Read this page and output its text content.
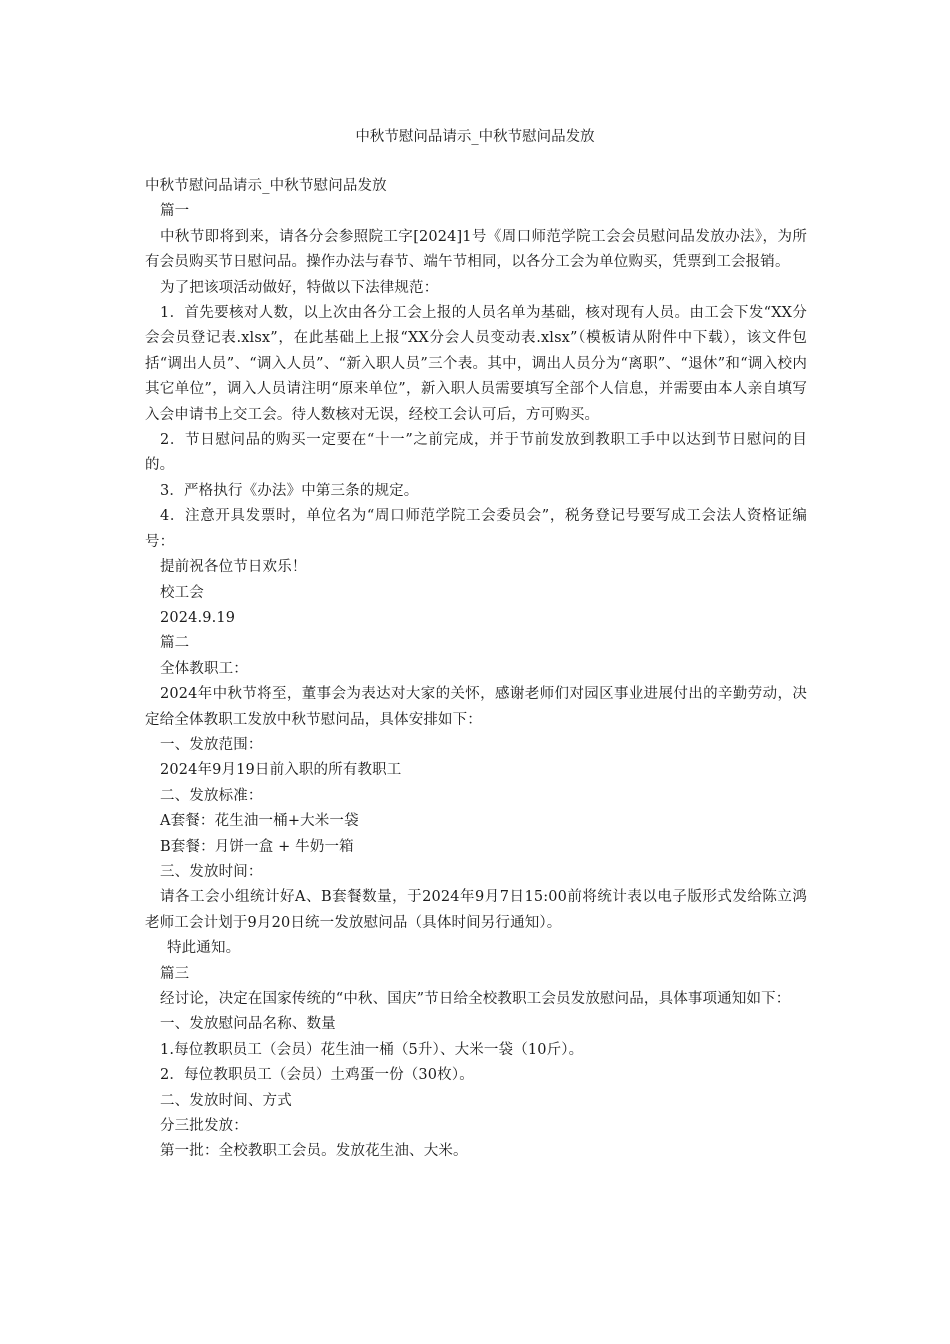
中秋节慰问品请示_中秋节慰问品发放

中秋节慰问品请示_中秋节慰问品发放

篇一

中秋节即将到来，请各分会参照院工字[2024]1号《周口师范学院工会会员慰问品发放办法》，为所有会员购买节日慰问品。操作办法与春节、端午节相同，以各分工会为单位购买，凭票到工会报销。

为了把该项活动做好，特做以下法律规范：

1．首先要核对人数，以上次由各分工会上报的人员名单为基础，核对现有人员。由工会下发“XX分会会员登记表.xlsx”，在此基础上上报“XX分会人员变动表.xlsx”（模板请从附件中下载），该文件包括“调出人员”、“调入人员”、“新入职人员”三个表。其中，调出人员分为“离职”、“退休”和“调入校内其它单位”，调入人员请注明“原来单位”，新入职人员需要填写全部个人信息，并需要由本人亲自填写入会申请书上交工会。待人数核对无误，经校工会认可后，方可购买。

2．节日慰问品的购买一定要在“十一”之前完成，并于节前发放到教职工手中以达到节日慰问的目的。

3．严格执行《办法》中第三条的规定。

4．注意开具发票时，单位名为“周口师范学院工会委员会”，税务登记号要写成工会法人资格证编号：

提前祝各位节日欢乐！

校工会

2024.9.19

篇二

全体教职工：

2024年中秋节将至，董事会为表达对大家的关怀，感谢老师们对园区事业进展付出的辛勤劳动，决定给全体教职工发放中秋节慰问品，具体安排如下：

一、发放范围：

2024年9月19日前入职的所有教职工

二、发放标准：

A套餐：花生油一桶+大米一袋

B套餐：月饼一盒 + 牛奶一箱

三、发放时间：

请各工会小组统计好A、B套餐数量，于2024年9月7日15:00前将统计表以电子版形式发给陈立鸿老师工会计划于9月20日统一发放慰问品（具体时间另行通知）。

特此通知。

篇三

经讨论，决定在国家传统的“中秋、国庆”节日给全校教职工会员发放慰问品，具体事项通知如下：

一、发放慰问品名称、数量

1.每位教职员工（会员）花生油一桶（5升）、大米一袋（10斤）。

2．每位教职员工（会员）土鸡蛋一份（30枚）。

二、发放时间、方式

分三批发放：

第一批：全校教职工会员。发放花生油、大米。
